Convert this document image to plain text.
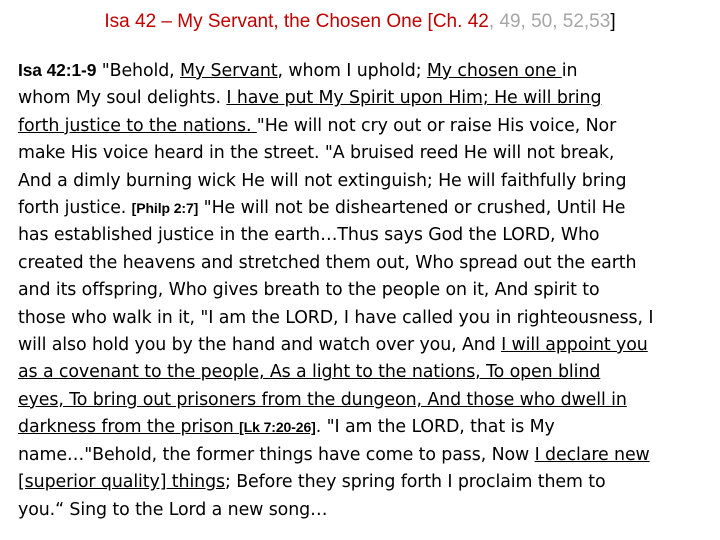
Isa 42 – My Servant, the Chosen One [Ch. 42, 49, 50, 52,53]
Isa 42:1-9 "Behold, My Servant, whom I uphold; My chosen one in
whom My soul delights. I have put My Spirit upon Him; He will bring
forth justice to the nations. "He will not cry out or raise His voice, Nor
make His voice heard in the street. "A bruised reed He will not break,
And a dimly burning wick He will not extinguish; He will faithfully bring
forth justice. [Philp 2:7] "He will not be disheartened or crushed, Until He
has established justice in the earth…Thus says God the LORD, Who
created the heavens and stretched them out, Who spread out the earth
and its offspring, Who gives breath to the people on it, And spirit to
those who walk in it, "I am the LORD, I have called you in righteousness, I
will also hold you by the hand and watch over you, And I will appoint you
as a covenant to the people, As a light to the nations, To open blind
eyes, To bring out prisoners from the dungeon, And those who dwell in
darkness from the prison [Lk 7:20-26]. "I am the LORD, that is My
name…"Behold, the former things have come to pass, Now I declare new
[superior quality] things; Before they spring forth I proclaim them to
you.“ Sing to the Lord a new song…
